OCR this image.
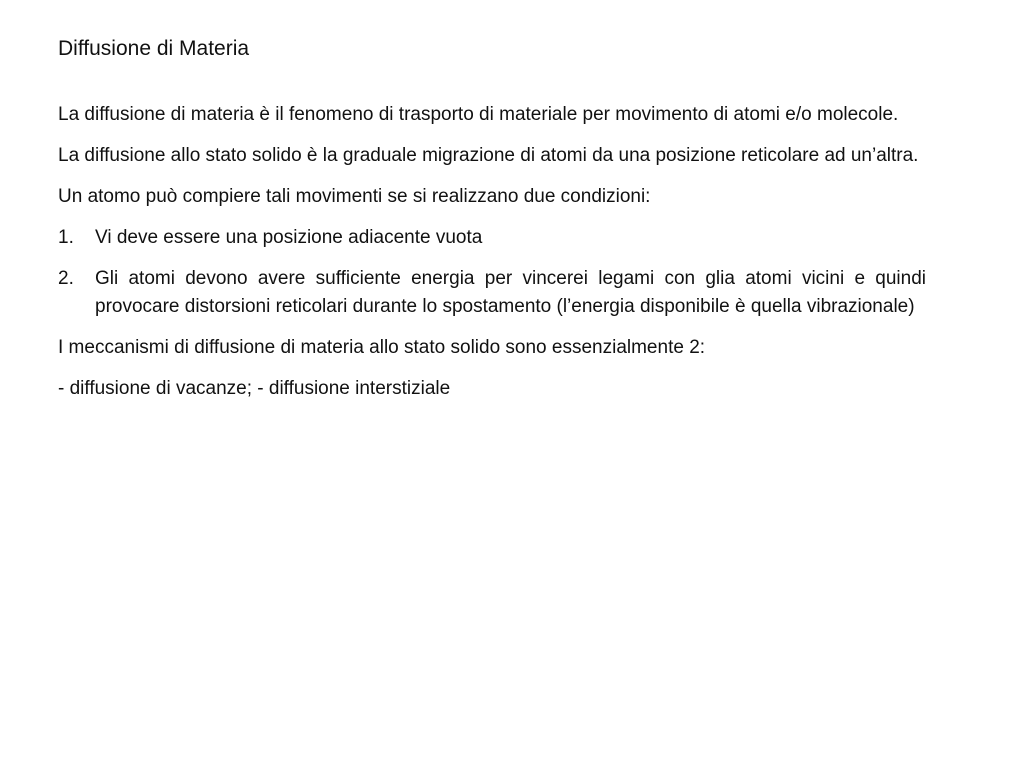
Diffusione di Materia

La diffusione di materia è il fenomeno di trasporto di materiale per movimento di atomi e/o molecole.

La diffusione allo stato solido è la graduale migrazione di atomi da una posizione reticolare ad un’altra.

Un atomo può compiere tali movimenti se si realizzano due condizioni:

1.	Vi deve essere una posizione adiacente vuota
2.	Gli atomi devono avere sufficiente energia per vincerei legami con glia atomi vicini e quindi provocare distorsioni reticolari durante lo spostamento (l’energia disponibile è quella vibrazionale)

I meccanismi di diffusione di materia allo stato solido sono essenzialmente 2:

- diffusione di vacanze; - diffusione interstiziale
